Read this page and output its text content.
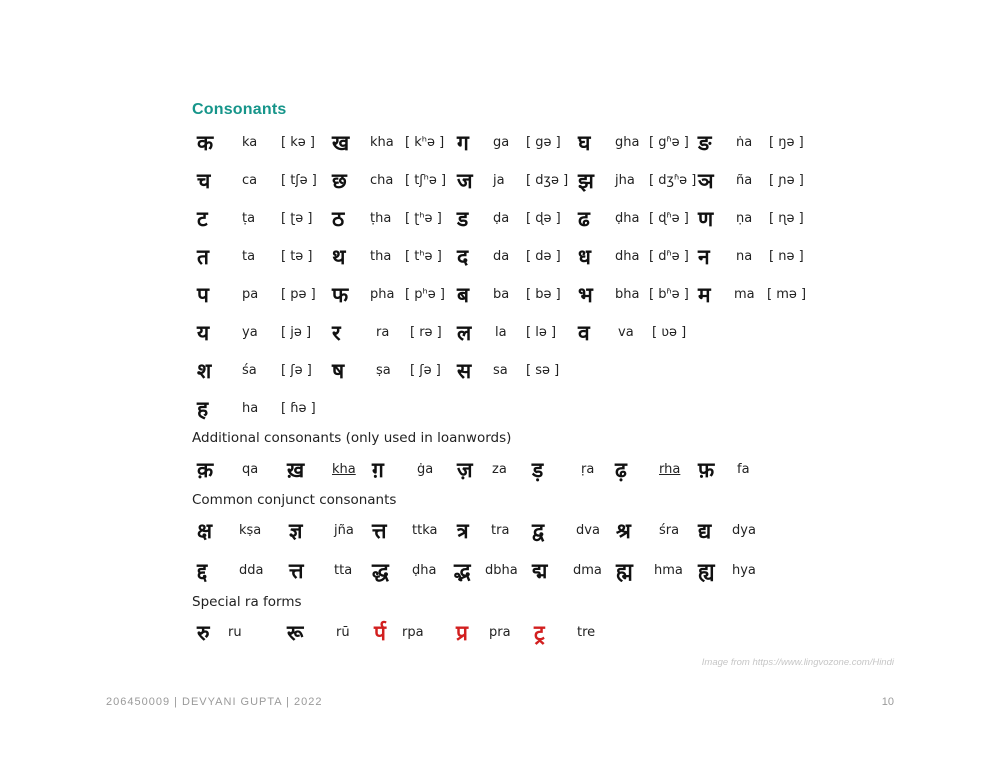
Consonants
क ka [ kə ] ख kha [ kʰə ] ग ga [ gə ] घ gha [ gʱə ] ङ ṅa [ ŋə ]
च ca [ tʃə ] छ cha [ tʃʰə ] ज ja [ dʒə ] झ jha [ dʒʱə ] ञ ña [ ɲə ]
ट	ṭa [ ʈə ] ठ ṭha [ ʈʰə ] ड ḍa [ ɖə ] ढ ḍha [ ɖʱə ] ण ṇa [ ɳə ]
त	ta [ tə ] थ tha [ tʰə ] द da [ də ] ध dha [ dʱə ] न na [ nə ]
प	pa [ pə ] फ pha [ pʰə ] ब ba [ bə ] भ bha [ bʱə ] म ma [ mə ]
य	ya [ jə ] र	ra [ rə ] ल la [ lə ] व va [ ʋə ]
श śa [ ʃə ] ष ṣa [ ʃə ] स sa [ sə ]
ह	ha [ ɦə ]
Additional consonants (only used in loanwords)
क़ qa ख़ kha ग़	ġa ज़ za ड़	ṛa ढ़ rha फ़ fa
Common conjunct consonants
क्ष kṣa ज्ञ jña त्त ttka त्र tra द्व dva श्र śra द्य dya
द्द dda त्त tta द्ध ḍha द्भ dbha द्म dma ह्म hma ह्य hya
Special ra forms
रु ru रू	rū र्प rpa प्र pra ट्र tre
Image from https://www.lingvozone.com/Hindi
206450009 | DEVYANI GUPTA | 2022	10
